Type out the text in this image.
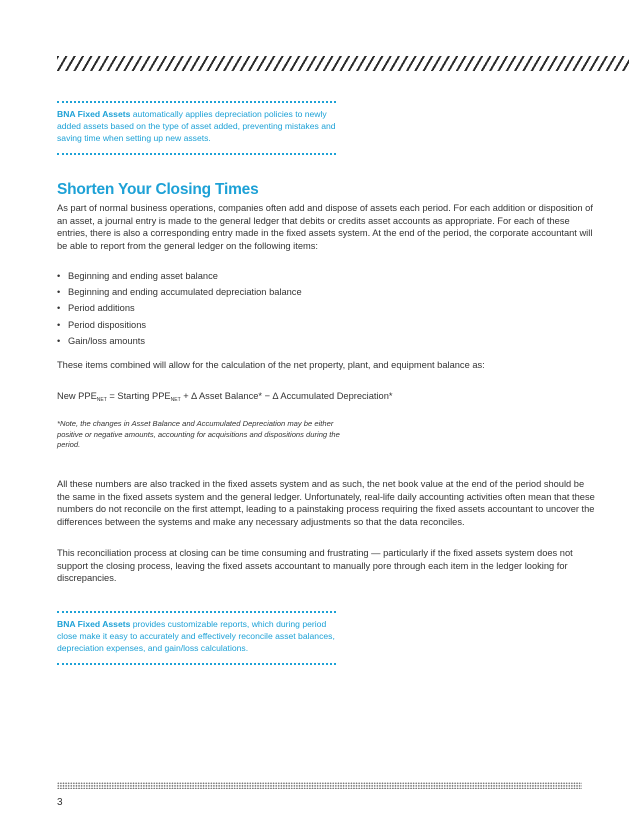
BNA Fixed Assets automatically applies depreciation policies to newly added assets based on the type of asset added, preventing mistakes and saving time when setting up new assets.
Shorten Your Closing Times

As part of normal business operations, companies often add and dispose of assets each period. For each addition or disposition of an asset, a journal entry is made to the general ledger that debits or credits asset accounts as appropriate. For each of these entries, there is also a corresponding entry made in the fixed assets system. At the end of the period, the corporate accountant will be able to report from the general ledger on the following items:

• Beginning and ending asset balance
• Beginning and ending accumulated depreciation balance
• Period additions
• Period dispositions
• Gain/loss amounts

These items combined will allow for the calculation of the net property, plant, and equipment balance as:

New $PPE_{NET}$ = Starting $PPE_{NET}$ + ∆ Asset Balance* − ∆ Accumulated Depreciation*

*Note, the changes in Asset Balance and Accumulated Depreciation may be either positive or negative amounts, accounting for acquisitions and dispositions during the period.

All these numbers are also tracked in the fixed assets system and as such, the net book value at the end of the period should be the same in the fixed assets system and the general ledger. Unfortunately, real-life daily accounting activities often mean that these numbers do not reconcile on the first attempt, leading to a painstaking process requiring the fixed assets accountant to uncover the differences between the systems and make any necessary adjustments so that the data reconciles.

This reconciliation process at closing can be time consuming and frustrating — particularly if the fixed assets system does not support the closing process, leaving the fixed assets accountant to manually pore through each item in the ledger looking for discrepancies.

BNA Fixed Assets provides customizable reports, which during period close make it easy to accurately and effectively reconcile asset balances, depreciation expenses, and gain/loss calculations.

3
